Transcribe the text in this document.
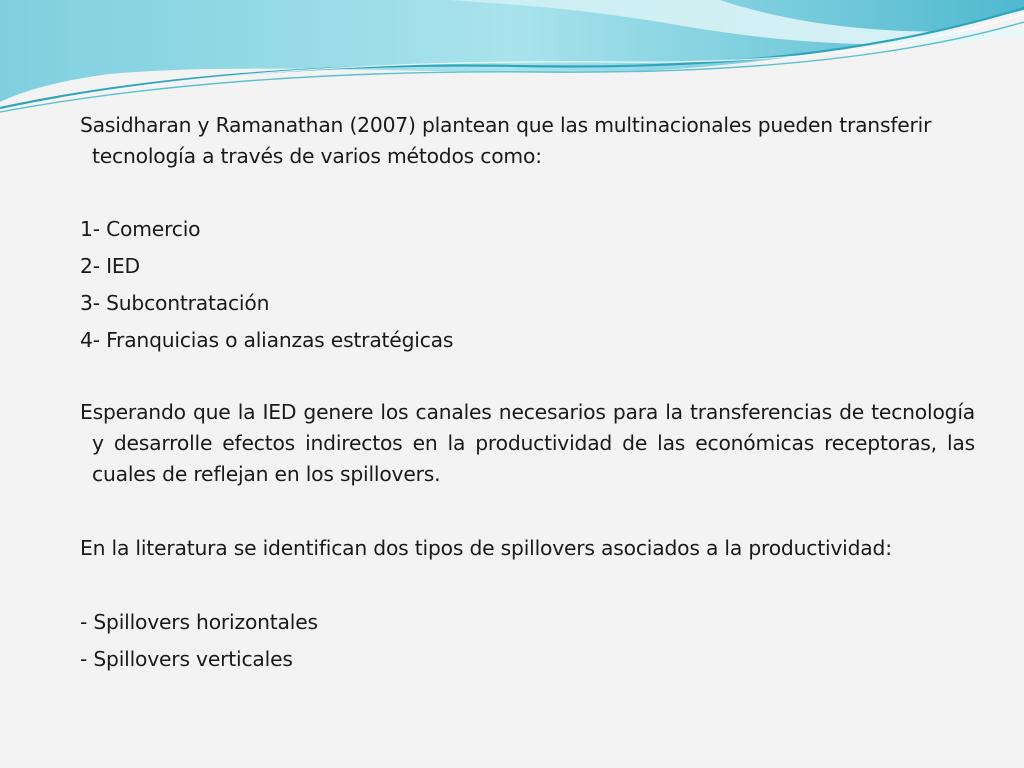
Sasidharan y Ramanathan (2007) plantean que las multinacionales pueden transferir tecnología a través de varios métodos como:

1- Comercio

2- IED

3- Subcontratación

4- Franquicias o alianzas estratégicas

Esperando que la IED genere los canales necesarios para la transferencias de tecnología y desarrolle efectos indirectos en la productividad de las económicas receptoras, las cuales de reflejan en los spillovers.

En la literatura se identifican dos tipos de spillovers asociados a la productividad:

- Spillovers horizontales

- Spillovers verticales
